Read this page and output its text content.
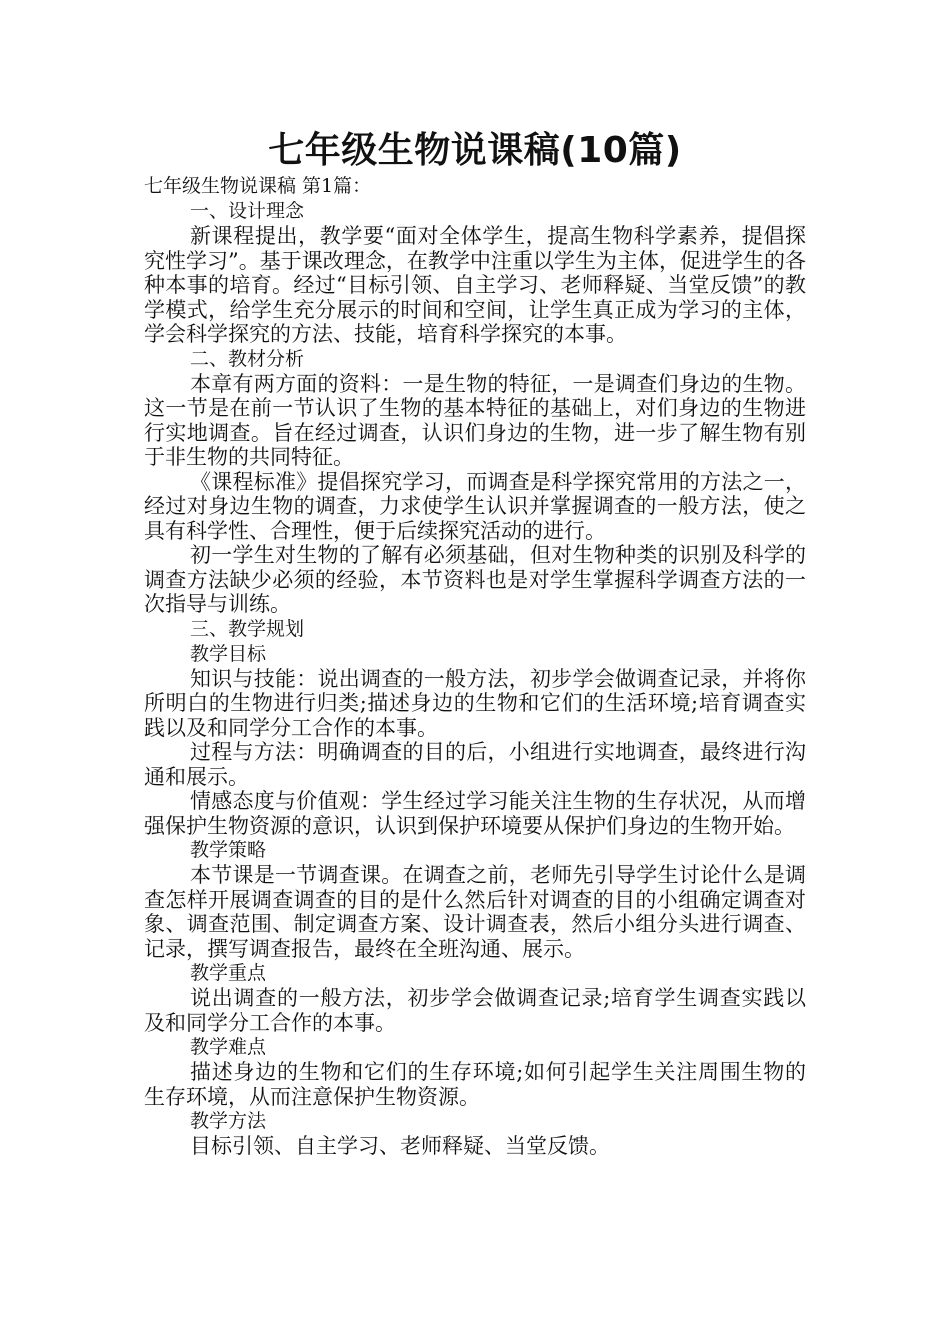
七年级生物说课稿(10篇)

七年级生物说课稿 第1篇：

一、设计理念

新课程提出，教学要“面对全体学生，提高生物科学素养，提倡探究性学习”。基于课改理念，在教学中注重以学生为主体，促进学生的各种本事的培育。经过“目标引领、自主学习、老师释疑、当堂反馈”的教学模式，给学生充分展示的时间和空间，让学生真正成为学习的主体，学会科学探究的方法、技能，培育科学探究的本事。

二、教材分析

本章有两方面的资料：一是生物的特征，一是调查们身边的生物。这一节是在前一节认识了生物的基本特征的基础上，对们身边的生物进行实地调查。旨在经过调查，认识们身边的生物，进一步了解生物有别于非生物的共同特征。

《课程标准》提倡探究学习，而调查是科学探究常用的方法之一，经过对身边生物的调查，力求使学生认识并掌握调查的一般方法，使之具有科学性、合理性，便于后续探究活动的进行。

初一学生对生物的了解有必须基础，但对生物种类的识别及科学的调查方法缺少必须的经验，本节资料也是对学生掌握科学调查方法的一次指导与训练。

三、教学规划

教学目标

知识与技能：说出调查的一般方法，初步学会做调查记录，并将你所明白的生物进行归类;描述身边的生物和它们的生活环境;培育调查实践以及和同学分工合作的本事。

过程与方法：明确调查的目的后，小组进行实地调查，最终进行沟通和展示。

情感态度与价值观：学生经过学习能关注生物的生存状况，从而增强保护生物资源的意识，认识到保护环境要从保护们身边的生物开始。

教学策略

本节课是一节调查课。在调查之前，老师先引导学生讨论什么是调查怎样开展调查调查的目的是什么然后针对调查的目的小组确定调查对象、调查范围、制定调查方案、设计调查表，然后小组分头进行调查、记录，撰写调查报告，最终在全班沟通、展示。

教学重点

说出调查的一般方法，初步学会做调查记录;培育学生调查实践以及和同学分工合作的本事。

教学难点

描述身边的生物和它们的生存环境;如何引起学生关注周围生物的生存环境，从而注意保护生物资源。

教学方法

目标引领、自主学习、老师释疑、当堂反馈。
